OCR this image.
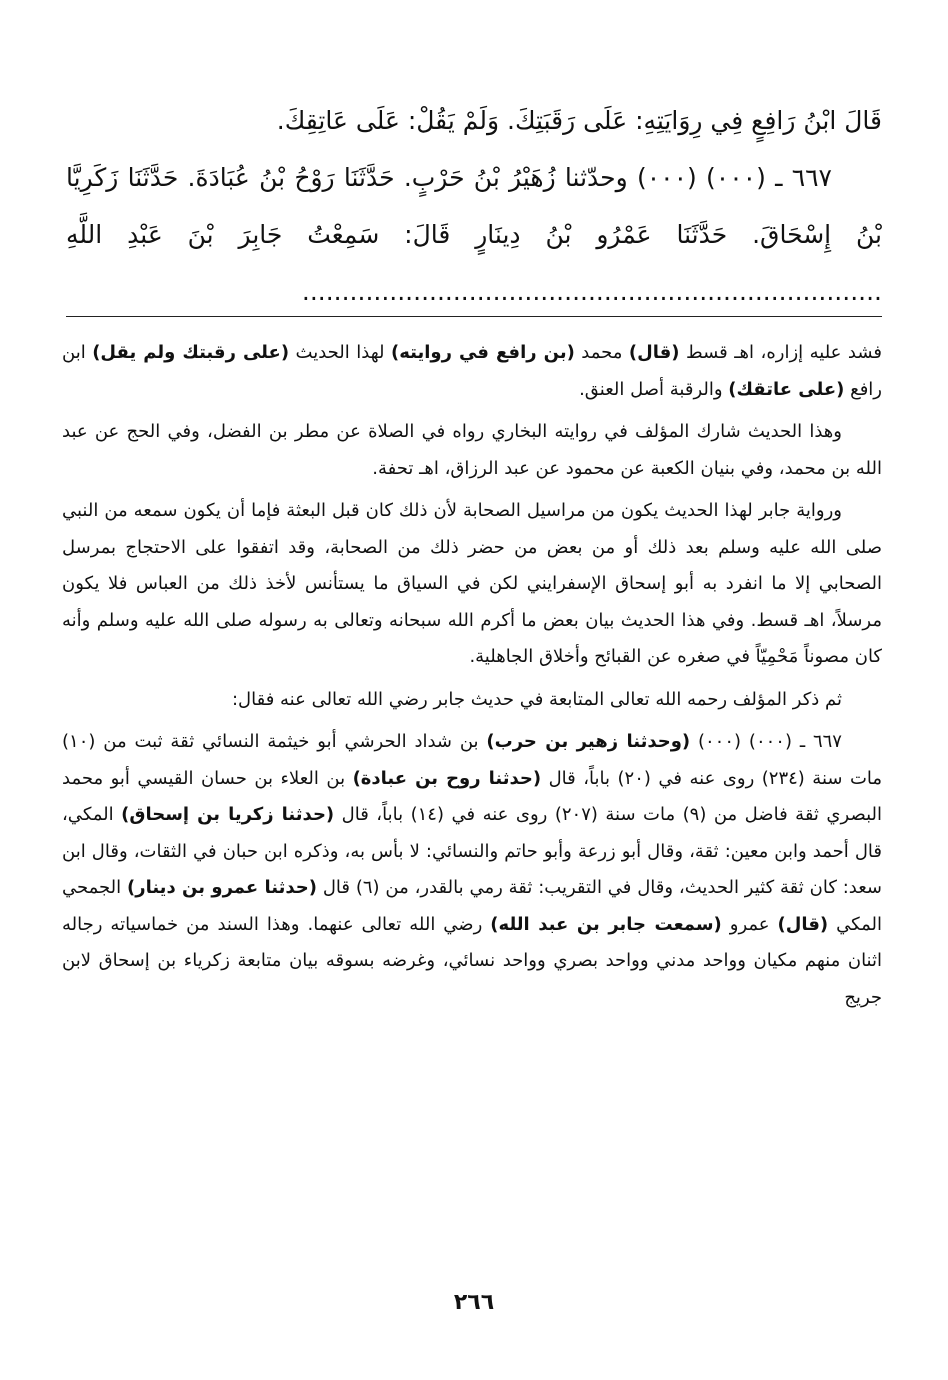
قَالَ ابْنُ رَافِعٍ فِي رِوَايَتِهِ: عَلَى رَقَبَتِكَ. وَلَمْ يَقُلْ: عَلَى عَاتِقِكَ.

٦٦٧ ـ (٠٠٠) (٠٠٠) وحدّثنا زُهَيْرُ بْنُ حَرْبٍ. حَدَّثَنَا رَوْحُ بْنُ عُبَادَةَ. حَدَّثَنَا زَكَرِيَّا بْنُ إِسْحَاقَ. حَدَّثَنَا عَمْرُو بْنُ دِينَارٍ قَالَ: سَمِعْتُ جَابِرَ بْنَ عَبْدِ اللَّهِ .........................................................................

فشد عليه إزاره، اهـ قسط (قال) محمد (بن رافع في روايته) لهذا الحديث (على رقبتك ولم يقل) ابن رافع (على عاتقك) والرقبة أصل العنق.

وهذا الحديث شارك المؤلف في روايته البخاري رواه في الصلاة عن مطر بن الفضل، وفي الحج عن عبد الله بن محمد، وفي بنيان الكعبة عن محمود عن عبد الرزاق، اهـ تحفة.

ورواية جابر لهذا الحديث يكون من مراسيل الصحابة لأن ذلك كان قبل البعثة فإما أن يكون سمعه من النبي صلى الله عليه وسلم بعد ذلك أو من بعض من حضر ذلك من الصحابة، وقد اتفقوا على الاحتجاج بمرسل الصحابي إلا ما انفرد به أبو إسحاق الإسفرايني لكن في السياق ما يستأنس لأخذ ذلك من العباس فلا يكون مرسلاً، اهـ قسط. وفي هذا الحديث بيان بعض ما أكرم الله سبحانه وتعالى به رسوله صلى الله عليه وسلم وأنه كان مصوناً مَحْمِيّاً في صغره عن القبائح وأخلاق الجاهلية.

ثم ذكر المؤلف رحمه الله تعالى المتابعة في حديث جابر رضي الله تعالى عنه فقال:

٦٦٧ ـ (٠٠٠) (٠٠٠) (وحدثنا زهير بن حرب) بن شداد الحرشي أبو خيثمة النسائي ثقة ثبت من (١٠) مات سنة (٢٣٤) روى عنه في (٢٠) باباً، قال (حدثنا روح بن عبادة) بن العلاء بن حسان القيسي أبو محمد البصري ثقة فاضل من (٩) مات سنة (٢٠٧) روى عنه في (١٤) باباً، قال (حدثنا زكريا بن إسحاق) المكي، قال أحمد وابن معين: ثقة، وقال أبو زرعة وأبو حاتم والنسائي: لا بأس به، وذكره ابن حبان في الثقات، وقال ابن سعد: كان ثقة كثير الحديث، وقال في التقريب: ثقة رمي بالقدر، من (٦) قال (حدثنا عمرو بن دينار) الجمحي المكي (قال) عمرو (سمعت جابر بن عبد الله) رضي الله تعالى عنهما. وهذا السند من خماسياته رجاله اثنان منهم مكيان وواحد مدني وواحد بصري وواحد نسائي، وغرضه بسوقه بيان متابعة زكرياء بن إسحاق لابن جريج

٢٦٦
